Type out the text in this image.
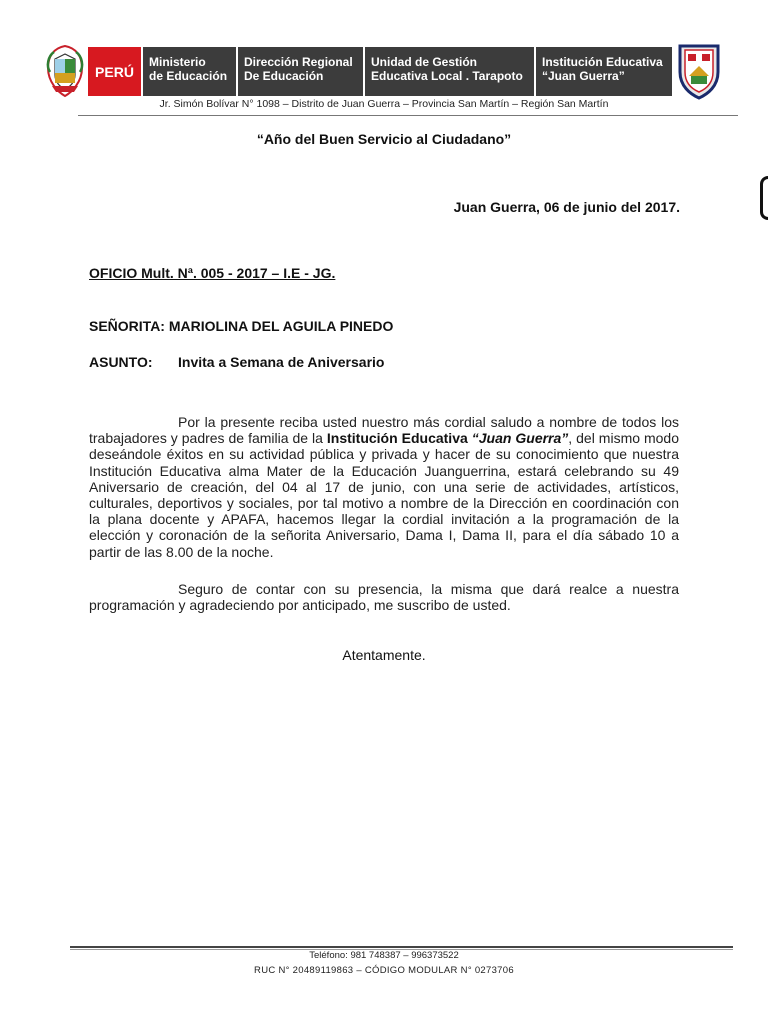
PERÚ
Ministerio
de Educación
Dirección Regional
De Educación
Unidad de Gestión
Educativa Local . Tarapoto
Institución Educativa
“Juan Guerra”
Jr. Simón Bolívar N° 1098 – Distrito de Juan Guerra – Provincia San Martín – Región San Martín
“Año del Buen Servicio al Ciudadano”
Juan Guerra, 06 de junio del 2017.
OFICIO Mult. Nª. 005 - 2017 – I.E - JG.
SEÑORITA: MARIOLINA DEL AGUILA PINEDO
ASUNTO: Invita a Semana de Aniversario
Por la presente reciba usted nuestro más cordial saludo a nombre de todos los trabajadores y padres de familia de la Institución Educativa “Juan Guerra”, del mismo modo deseándole éxitos en su actividad pública y privada y hacer de su conocimiento que nuestra Institución Educativa alma Mater de la Educación Juanguerrina, estará celebrando su 49 Aniversario de creación, del 04 al 17 de junio, con una serie de actividades, artísticos, culturales, deportivos y sociales, por tal motivo a nombre de la Dirección en coordinación con la plana docente y APAFA, hacemos llegar la cordial invitación a la programación de la elección y coronación de la señorita Aniversario, Dama I, Dama II, para el día sábado 10 a partir de las 8.00 de la noche.
Seguro de contar con su presencia, la misma que dará realce a nuestra programación y agradeciendo por anticipado, me suscribo de usted.
Atentamente.
Teléfono: 981 748387 – 996373522
RUC N° 20489119863 – CÓDIGO MODULAR N° 0273706
